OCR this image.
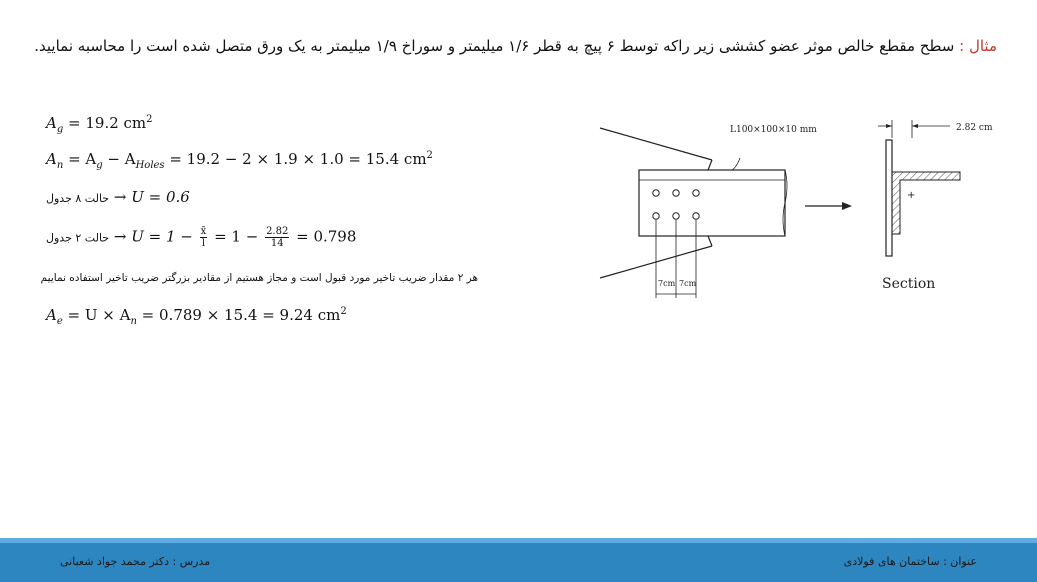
مثال : سطح مقطع خالص موثر عضو کششی زیر راکه توسط ۶ پیچ به قطر ۱/۶ میلیمتر و سوراخ ۱/۹ میلیمتر به یک ورق متصل شده است را محاسبه نمایید.
$A_g = 19.2$ $cm^2$
$A_n = A_g - A_{Holes} = 19.2 - 2 \times 1.9 \times 1.0 = 15.4$ $cm^2$
حالت ۸ جدول → U = 0.6
حالت ۲ جدول → $U = 1 - \frac{x̄}{l} = 1 - \frac{2.82}{14} = 0.798$
هر ۲ مقدار ضریب تاخیر مورد قبول است و مجاز هستیم از مقادیر بزرگتر ضریب تاخیر استفاده نماییم
$A_e = U \times A_n = 0.789 \times 15.4 = 9.24$ $cm^2$
L100×100×10 mm
7cm 7cm
+
2.82 cm
Section
مدرس : دکتر محمد جواد شعبانی	عنوان : ساختمان های فولادی
